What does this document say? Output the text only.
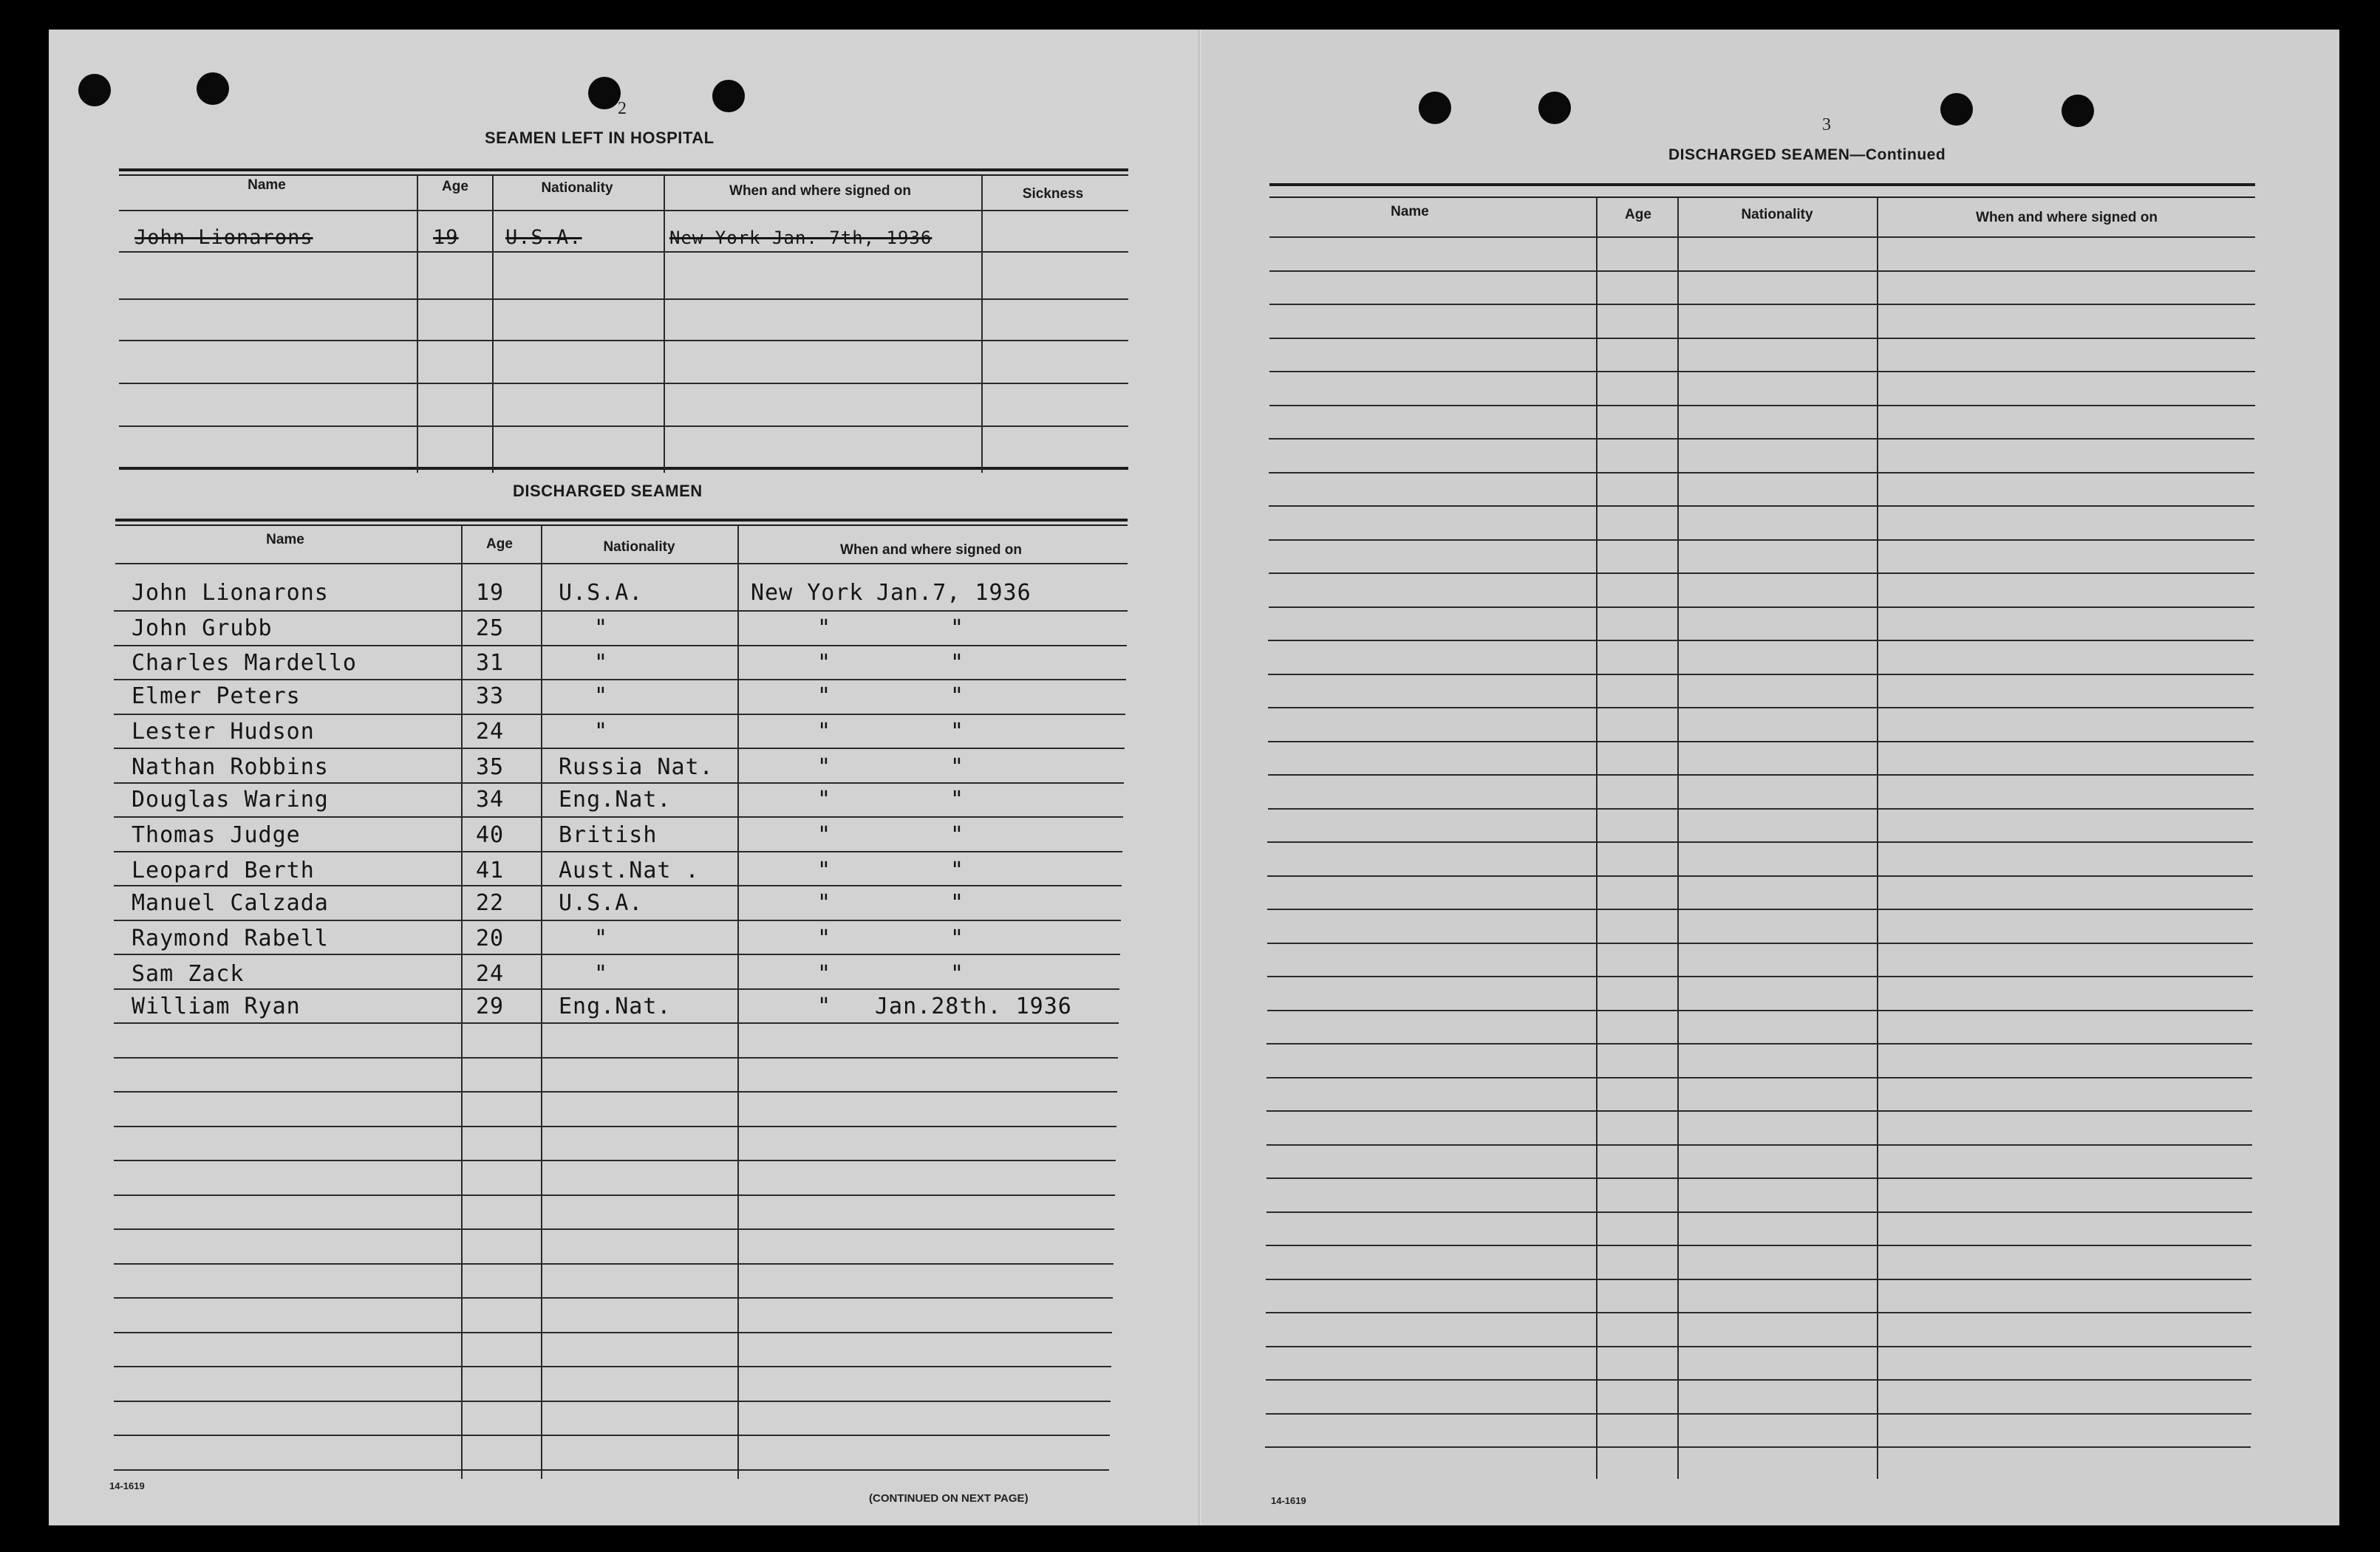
2
SEAMEN LEFT IN HOSPITAL
Name	Age	Nationality	When and where signed on	Sickness
John Lionarons	19 U.S.A.	New York Jan. 7th, 1936
DISCHARGED SEAMEN
Name	Age	Nationality	When and where signed on
John Lionarons	19 U.S.A.	New York Jan.7, 1936
John Grubb	25	"	"	"
Charles Mardello	31	"	"	"
Elmer Peters	33	"	"	"
Lester Hudson	24	"	"	"
Nathan Robbins	35 Russia Nat.	"	"
Douglas Waring	34 Eng.Nat.	"	"
Thomas Judge	40 British	"	"
Leopard Berth	41 Aust.Nat .	"	"
Manuel Calzada	22 U.S.A.	"	"
Raymond Rabell	20	"	"	"
Sam Zack	24	"	"	"
William Ryan	29 Eng.Nat.	" Jan.28th. 1936
14-1619
(CONTINUED ON NEXT PAGE)
3
DISCHARGED SEAMEN—Continued
Name	Age	Nationality	When and where signed on
14-1619
